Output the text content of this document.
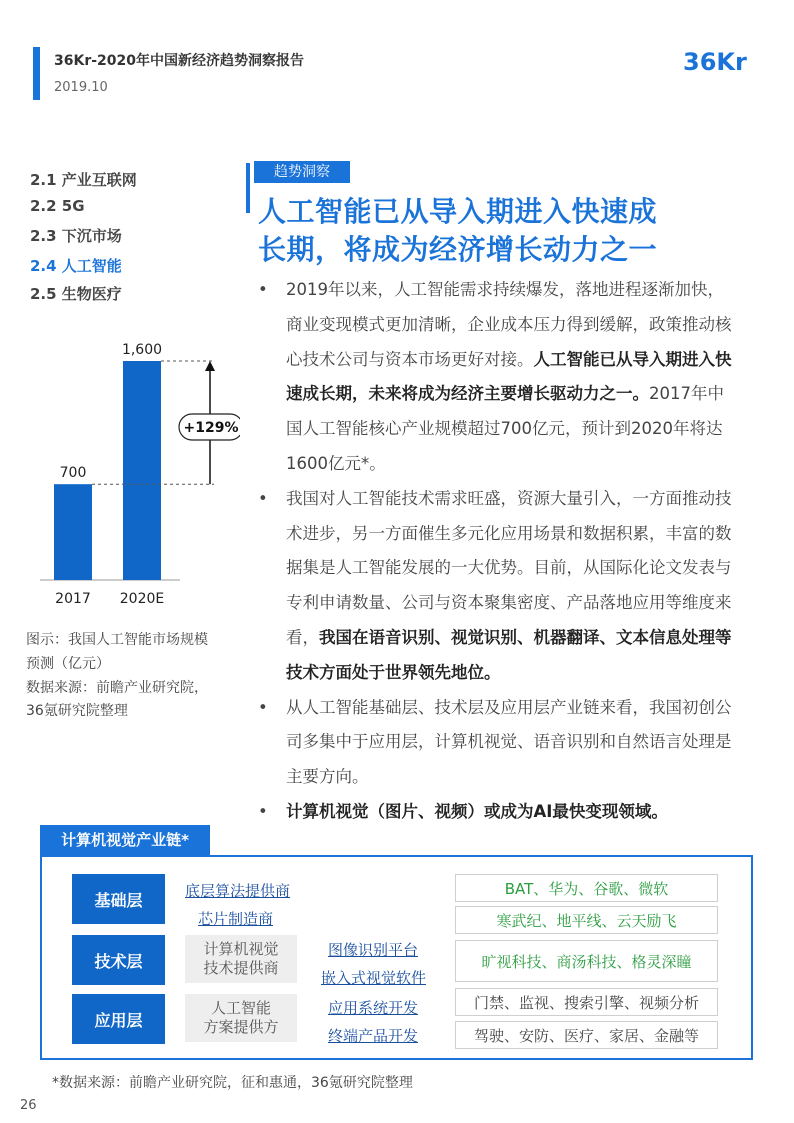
36Kr-2020年中国新经济趋势洞察报告
2019.10
36Kr
2.1 产业互联网
2.2 5G
2.3 下沉市场
2.4 人工智能
2.5 生物医疗
700
1,600
2017 2020E
+129%
图示：我国人工智能市场规模
预测（亿元）
数据来源：前瞻产业研究院，
36氪研究院整理
趋势洞察
人工智能已从导入期进入快速成
长期，将成为经济增长动力之一
• 2019年以来，人工智能需求持续爆发，落地进程逐渐加快，商业变现模式更加清晰，企业成本压力得到缓解，政策推动核心技术公司与资本市场更好对接。人工智能已从导入期进入快速成长期，未来将成为经济主要增长驱动力之一。2017年中国人工智能核心产业规模超过700亿元，预计到2020年将达1600亿元*。
• 我国对人工智能技术需求旺盛，资源大量引入，一方面推动技术进步，另一方面催生多元化应用场景和数据积累，丰富的数据集是人工智能发展的一大优势。目前，从国际化论文发表与专利申请数量、公司与资本聚集密度、产品落地应用等维度来看，我国在语音识别、视觉识别、机器翻译、文本信息处理等技术方面处于世界领先地位。
• 从人工智能基础层、技术层及应用层产业链来看，我国初创公司多集中于应用层，计算机视觉、语音识别和自然语言处理是主要方向。
• 计算机视觉（图片、视频）或成为AI最快变现领域。
计算机视觉产业链*
基础层	底层算法提供商
芯片制造商
BAT、华为、谷歌、微软
寒武纪、地平线、云天励飞
技术层
计算机视觉
技术提供商
图像识别平台
嵌入式视觉软件
旷视科技、商汤科技、格灵深瞳
应用层
人工智能
方案提供方
应用系统开发
终端产品开发
门禁、监视、搜索引擎、视频分析
驾驶、安防、医疗、家居、金融等
*数据来源：前瞻产业研究院，征和惠通，36氪研究院整理
26
